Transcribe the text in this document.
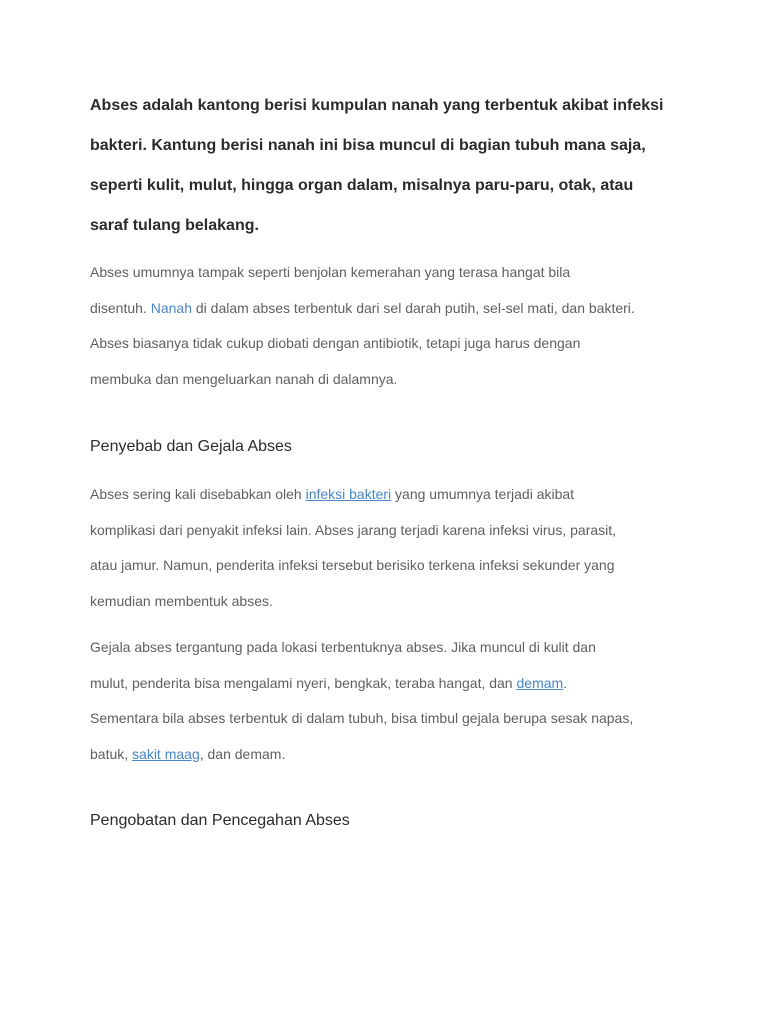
Abses adalah kantong berisi kumpulan nanah yang terbentuk akibat infeksi
bakteri. Kantung berisi nanah ini bisa muncul di bagian tubuh mana saja,
seperti kulit, mulut, hingga organ dalam, misalnya paru-paru, otak, atau
saraf tulang belakang.

Abses umumnya tampak seperti benjolan kemerahan yang terasa hangat bila
disentuh. Nanah di dalam abses terbentuk dari sel darah putih, sel-sel mati, dan bakteri.
Abses biasanya tidak cukup diobati dengan antibiotik, tetapi juga harus dengan
membuka dan mengeluarkan nanah di dalamnya.

Penyebab dan Gejala Abses

Abses sering kali disebabkan oleh infeksi bakteri yang umumnya terjadi akibat
komplikasi dari penyakit infeksi lain. Abses jarang terjadi karena infeksi virus, parasit,
atau jamur. Namun, penderita infeksi tersebut berisiko terkena infeksi sekunder yang
kemudian membentuk abses.

Gejala abses tergantung pada lokasi terbentuknya abses. Jika muncul di kulit dan
mulut, penderita bisa mengalami nyeri, bengkak, teraba hangat, dan demam.
Sementara bila abses terbentuk di dalam tubuh, bisa timbul gejala berupa sesak napas,
batuk, sakit maag, dan demam.

Pengobatan dan Pencegahan Abses
